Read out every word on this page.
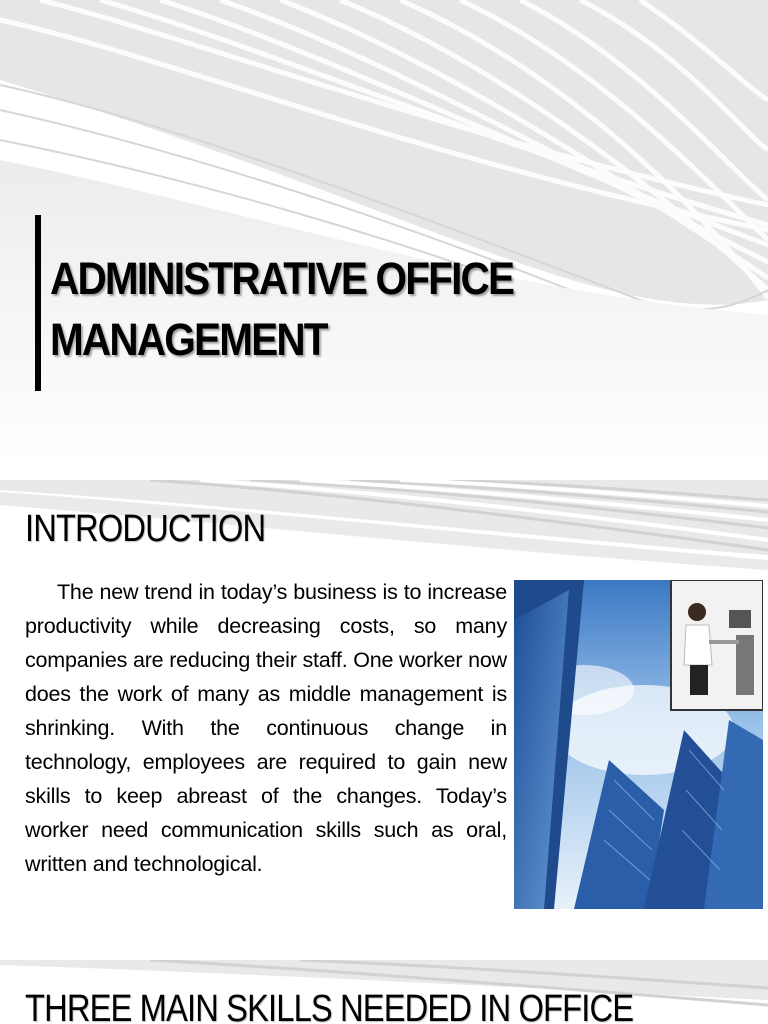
ADMINISTRATIVE OFFICE
MANAGEMENT
INTRODUCTION

The new trend in today’s business is to increase productivity while decreasing costs, so many companies are reducing their staff. One worker now does the work of many as middle management is shrinking. With the continuous change in technology, employees are required to gain new skills to keep abreast of the changes. Today’s worker need communication skills such as oral, written and technological.

THREE MAIN SKILLS NEEDED IN OFFICE
